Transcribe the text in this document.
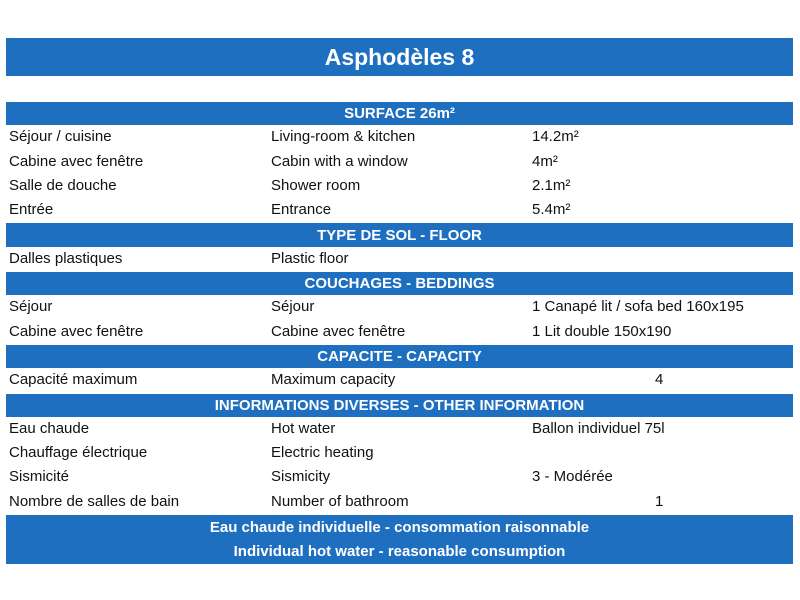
Asphodèles 8
SURFACE 26m²
Séjour / cuisine	Living-room & kitchen	14.2m²
Cabine avec fenêtre	Cabin with a window	4m²
Salle de douche	Shower room	2.1m²
Entrée	Entrance	5.4m²
TYPE DE SOL - FLOOR
Dalles plastiques	Plastic floor
COUCHAGES - BEDDINGS
Séjour	Séjour	1 Canapé lit / sofa bed 160x195
Cabine avec fenêtre	Cabine avec fenêtre	1 Lit double 150x190
CAPACITE - CAPACITY
Capacité maximum	Maximum capacity	4
INFORMATIONS DIVERSES - OTHER INFORMATION
Eau chaude	Hot water	Ballon individuel 75l
Chauffage électrique	Electric heating
Sismicité	Sismicity	3 - Modérée
Nombre de salles de bain	Number of bathroom	1
Eau chaude individuelle - consommation raisonnable
Individual hot water - reasonable consumption
